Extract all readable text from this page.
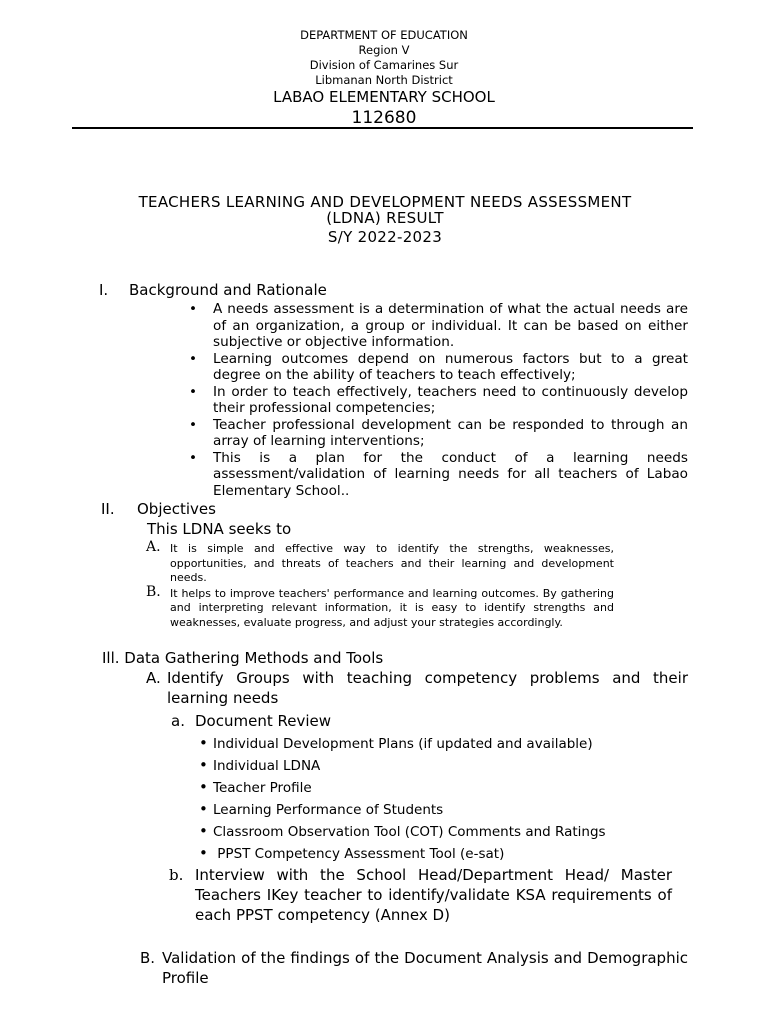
DEPARTMENT OF EDUCATION
Region V
Division of Camarines Sur
Libmanan North District
LABAO ELEMENTARY SCHOOL
112680
TEACHERS LEARNING AND DEVELOPMENT NEEDS ASSESSMENT
(LDNA) RESULT
S/Y 2022-2023
I. Background and Rationale
• A needs assessment is a determination of what the actual needs are of an organization, a group or individual. It can be based on either subjective or objective information.
• Learning outcomes depend on numerous factors but to a great degree on the ability of teachers to teach effectively;
• In order to teach effectively, teachers need to continuously develop their professional competencies;
• Teacher professional development can be responded to through an array of learning interventions;
• This is a plan for the conduct of a learning needs assessment/validation of learning needs for all teachers of Labao Elementary School..
II. Objectives
This LDNA seeks to
A. It is simple and effective way to identify the strengths, weaknesses, opportunities, and threats of teachers and their learning and development needs.
B. It helps to improve teachers' performance and learning outcomes. By gathering and interpreting relevant information, it is easy to identify strengths and weaknesses, evaluate progress, and adjust your strategies accordingly.
Ill. Data Gathering Methods and Tools
A. Identify Groups with teaching competency problems and their learning needs
a. Document Review
• Individual Development Plans (if updated and available)
• Individual LDNA
• Teacher Profile
• Learning Performance of Students
• Classroom Observation Tool (COT) Comments and Ratings
•  PPST Competency Assessment Tool (e-sat)
b. Interview with the School Head/Department Head/ Master Teachers IKey teacher to identify/validate KSA requirements of each PPST competency (Annex D)
B. Validation of the findings of the Document Analysis and Demographic Profile
